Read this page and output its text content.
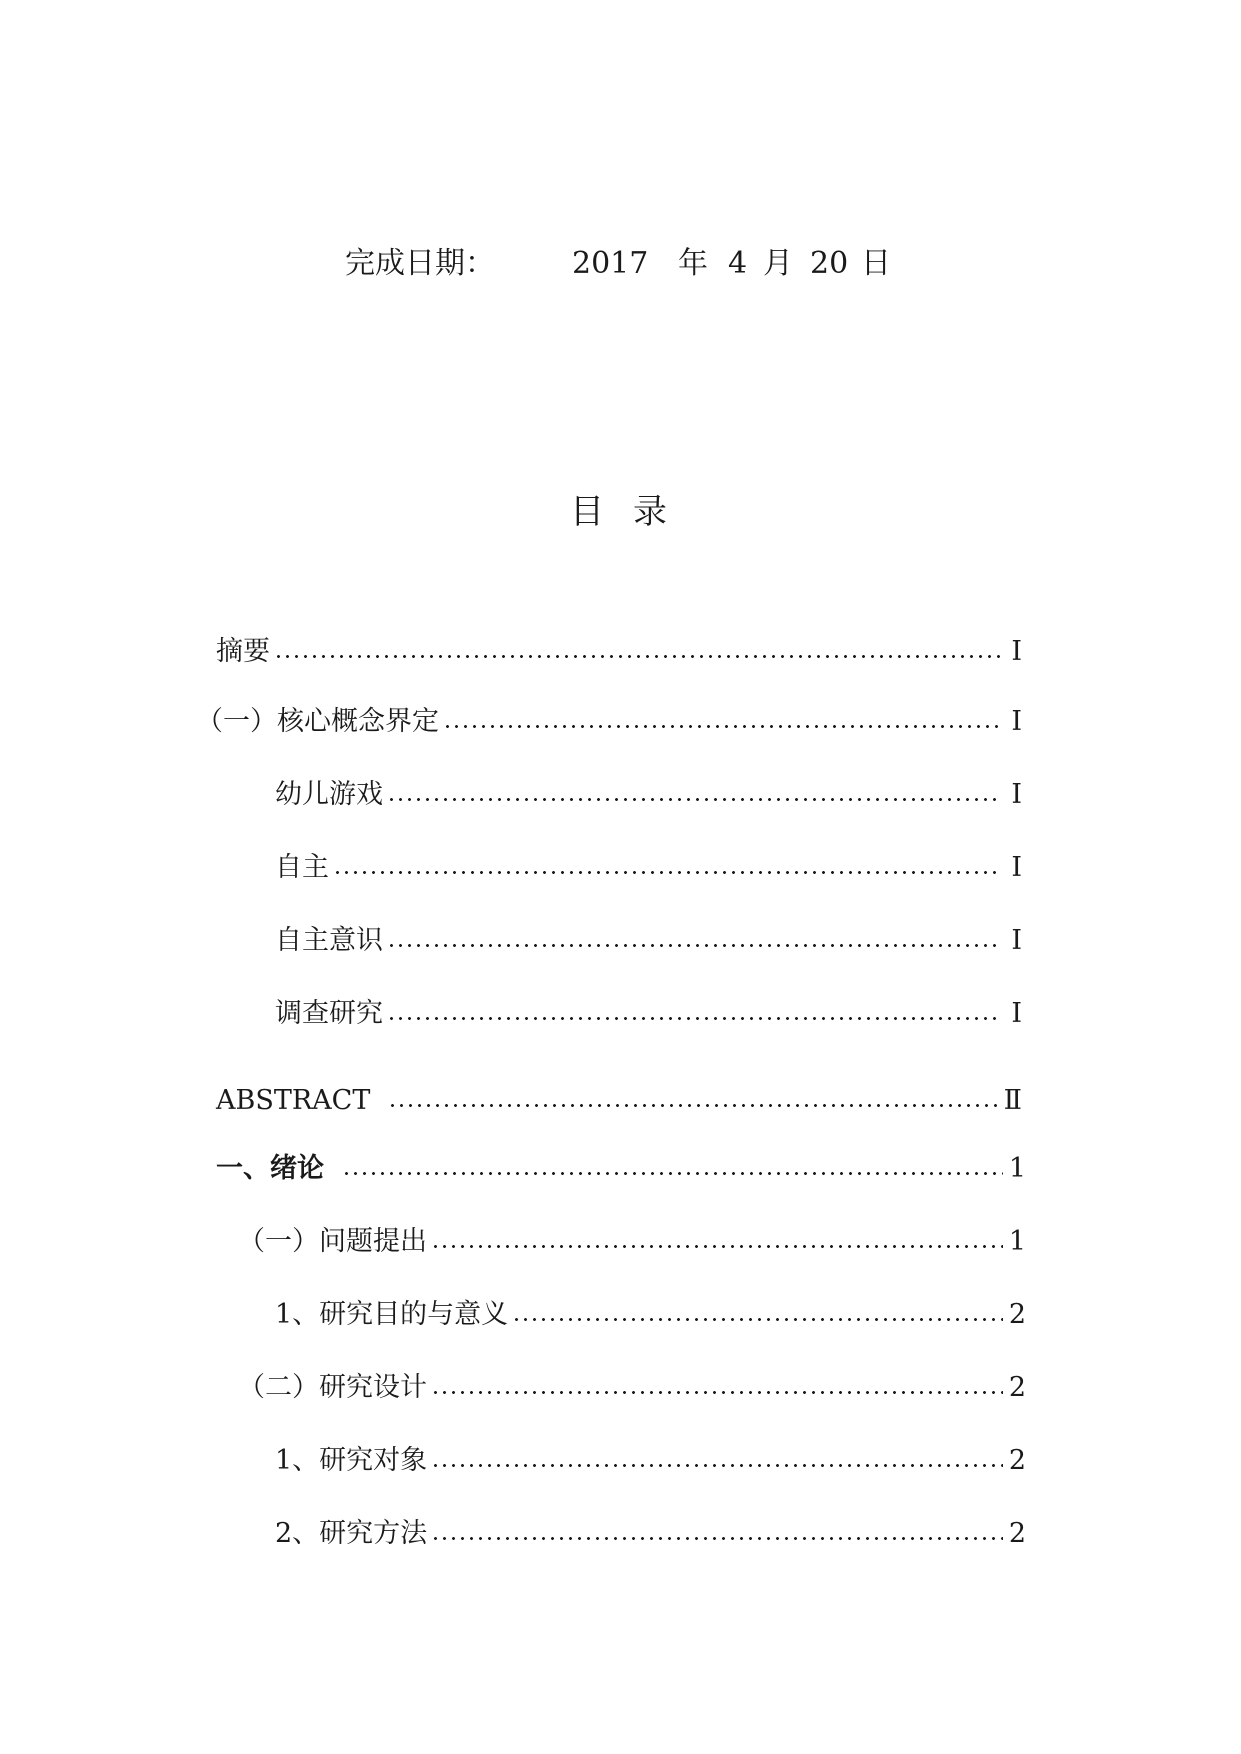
完成日期：	2017 年 4 月 20 日
目 录
摘要	Ⅰ
（一）核心概念界定	Ⅰ
幼儿游戏	Ⅰ
自主	Ⅰ
自主意识	Ⅰ
调查研究	Ⅰ
ABSTRACT	Ⅱ
一、绪论	1
（一）问题提出	1
1、研究目的与意义	2
（二）研究设计	2
1、研究对象	2
2、研究方法	2
